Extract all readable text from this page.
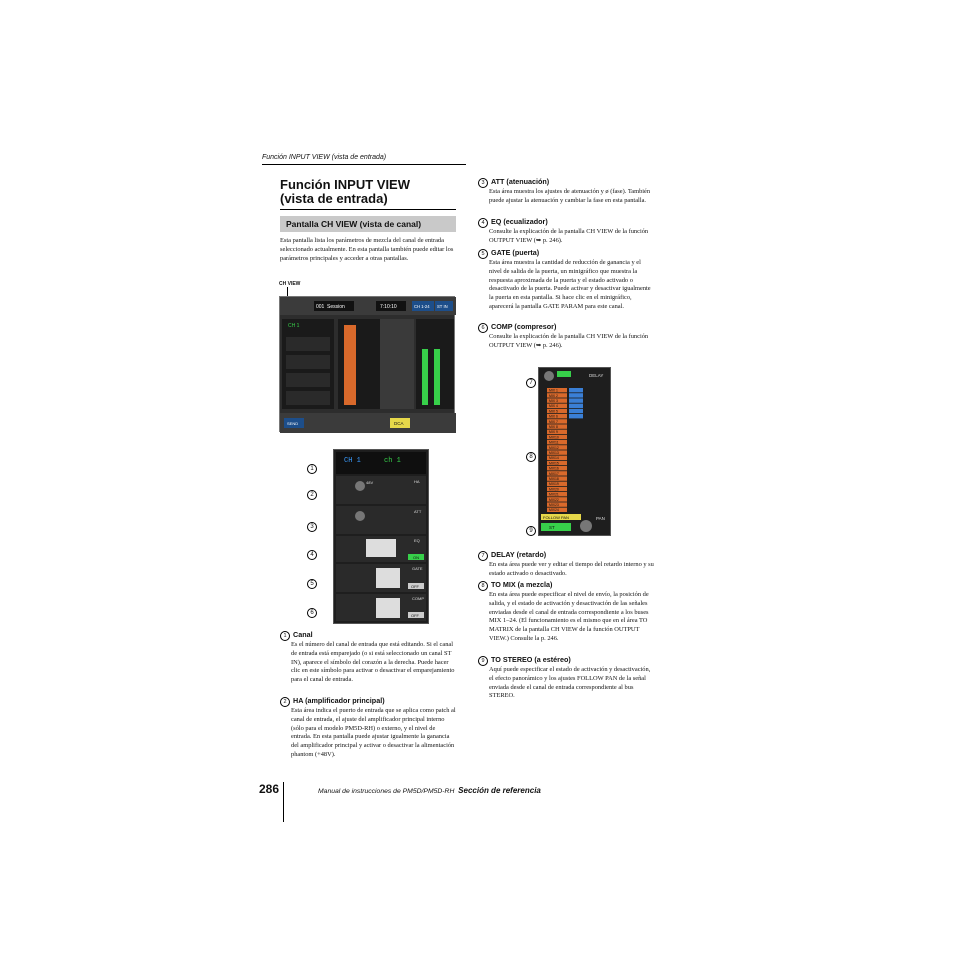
Función INPUT VIEW (vista de entrada)
Función INPUT VIEW
(vista de entrada)
Pantalla CH VIEW (vista de canal)
Esta pantalla lista los parámetros de mezcla del canal de entrada seleccionado actualmente. En esta pantalla también puede editar los parámetros principales y acceder a otras pantallas.
CH VIEW
001 Session	7:10:10	CH 1-24 ST IN
CH 1
SEND	DCA
1
2
3
4
5
6
CH 1	ch 1
HA
48V
ATT
EQ
ON
GATE
OFF
COMP
OFF
1 Canal
Es el número del canal de entrada que está editando. Si el canal de entrada está emparejado (o si está seleccionado un canal ST IN), aparece el símbolo del corazón a la derecha. Puede hacer clic en este símbolo para activar o desactivar el emparejamiento para el canal de entrada.
2 HA (amplificador principal)
Esta área indica el puerto de entrada que se aplica como patch al canal de entrada, el ajuste del amplificador principal interno (sólo para el modelo PM5D-RH) o externo, y el nivel de entrada. En esta pantalla puede ajustar igualmente la ganancia del amplificador principal y activar o desactivar la alimentación phantom (+48V).
3 ATT (atenuación)
Esta área muestra los ajustes de atenuación y ø (fase). También puede ajustar la atenuación y cambiar la fase en esta pantalla.
4 EQ (ecualizador)
Consulte la explicación de la pantalla CH VIEW de la función OUTPUT VIEW (➥ p. 246).
5 GATE (puerta)
Esta área muestra la cantidad de reducción de ganancia y el nivel de salida de la puerta, un minigráfico que muestra la respuesta aproximada de la puerta y el estado activado o desactivado de la puerta. Puede activar y desactivar igualmente la puerta en esta pantalla. Si hace clic en el minigráfico, aparecerá la pantalla GATE PARAM para este canal.
6 COMP (compresor)
Consulte la explicación de la pantalla CH VIEW de la función OUTPUT VIEW (➥ p. 246).
7
8
9
DELAY
MIX 1
MIX 2
MIX 3
MIX 4
MIX 5
MIX 6
MIX 7
MIX 8
MIX 9
MIX10
MIX11
MIX12
MIX13
MIX14
MIX15
MIX16
MIX17
MIX18
MIX19
MIX20
MIX21
MIX22
MIX23
MIX24
FOLLOW PAN	PAN
ST
7 DELAY (retardo)
En esta área puede ver y editar el tiempo del retardo interno y su estado activado o desactivado.
8 TO MIX (a mezcla)
En esta área puede especificar el nivel de envío, la posición de salida, y el estado de activación y desactivación de las señales enviadas desde el canal de entrada correspondiente a los buses MIX 1–24. (El funcionamiento es el mismo que en el área TO MATRIX de la pantalla CH VIEW de la función OUTPUT VIEW.) Consulte la p. 246.
9 TO STEREO (a estéreo)
Aquí puede especificar el estado de activación y desactivación, el efecto panorámico y los ajustes FOLLOW PAN de la señal enviada desde el canal de entrada correspondiente al bus STEREO.
286	Manual de instrucciones de PM5D/PM5D-RH Sección de referencia
